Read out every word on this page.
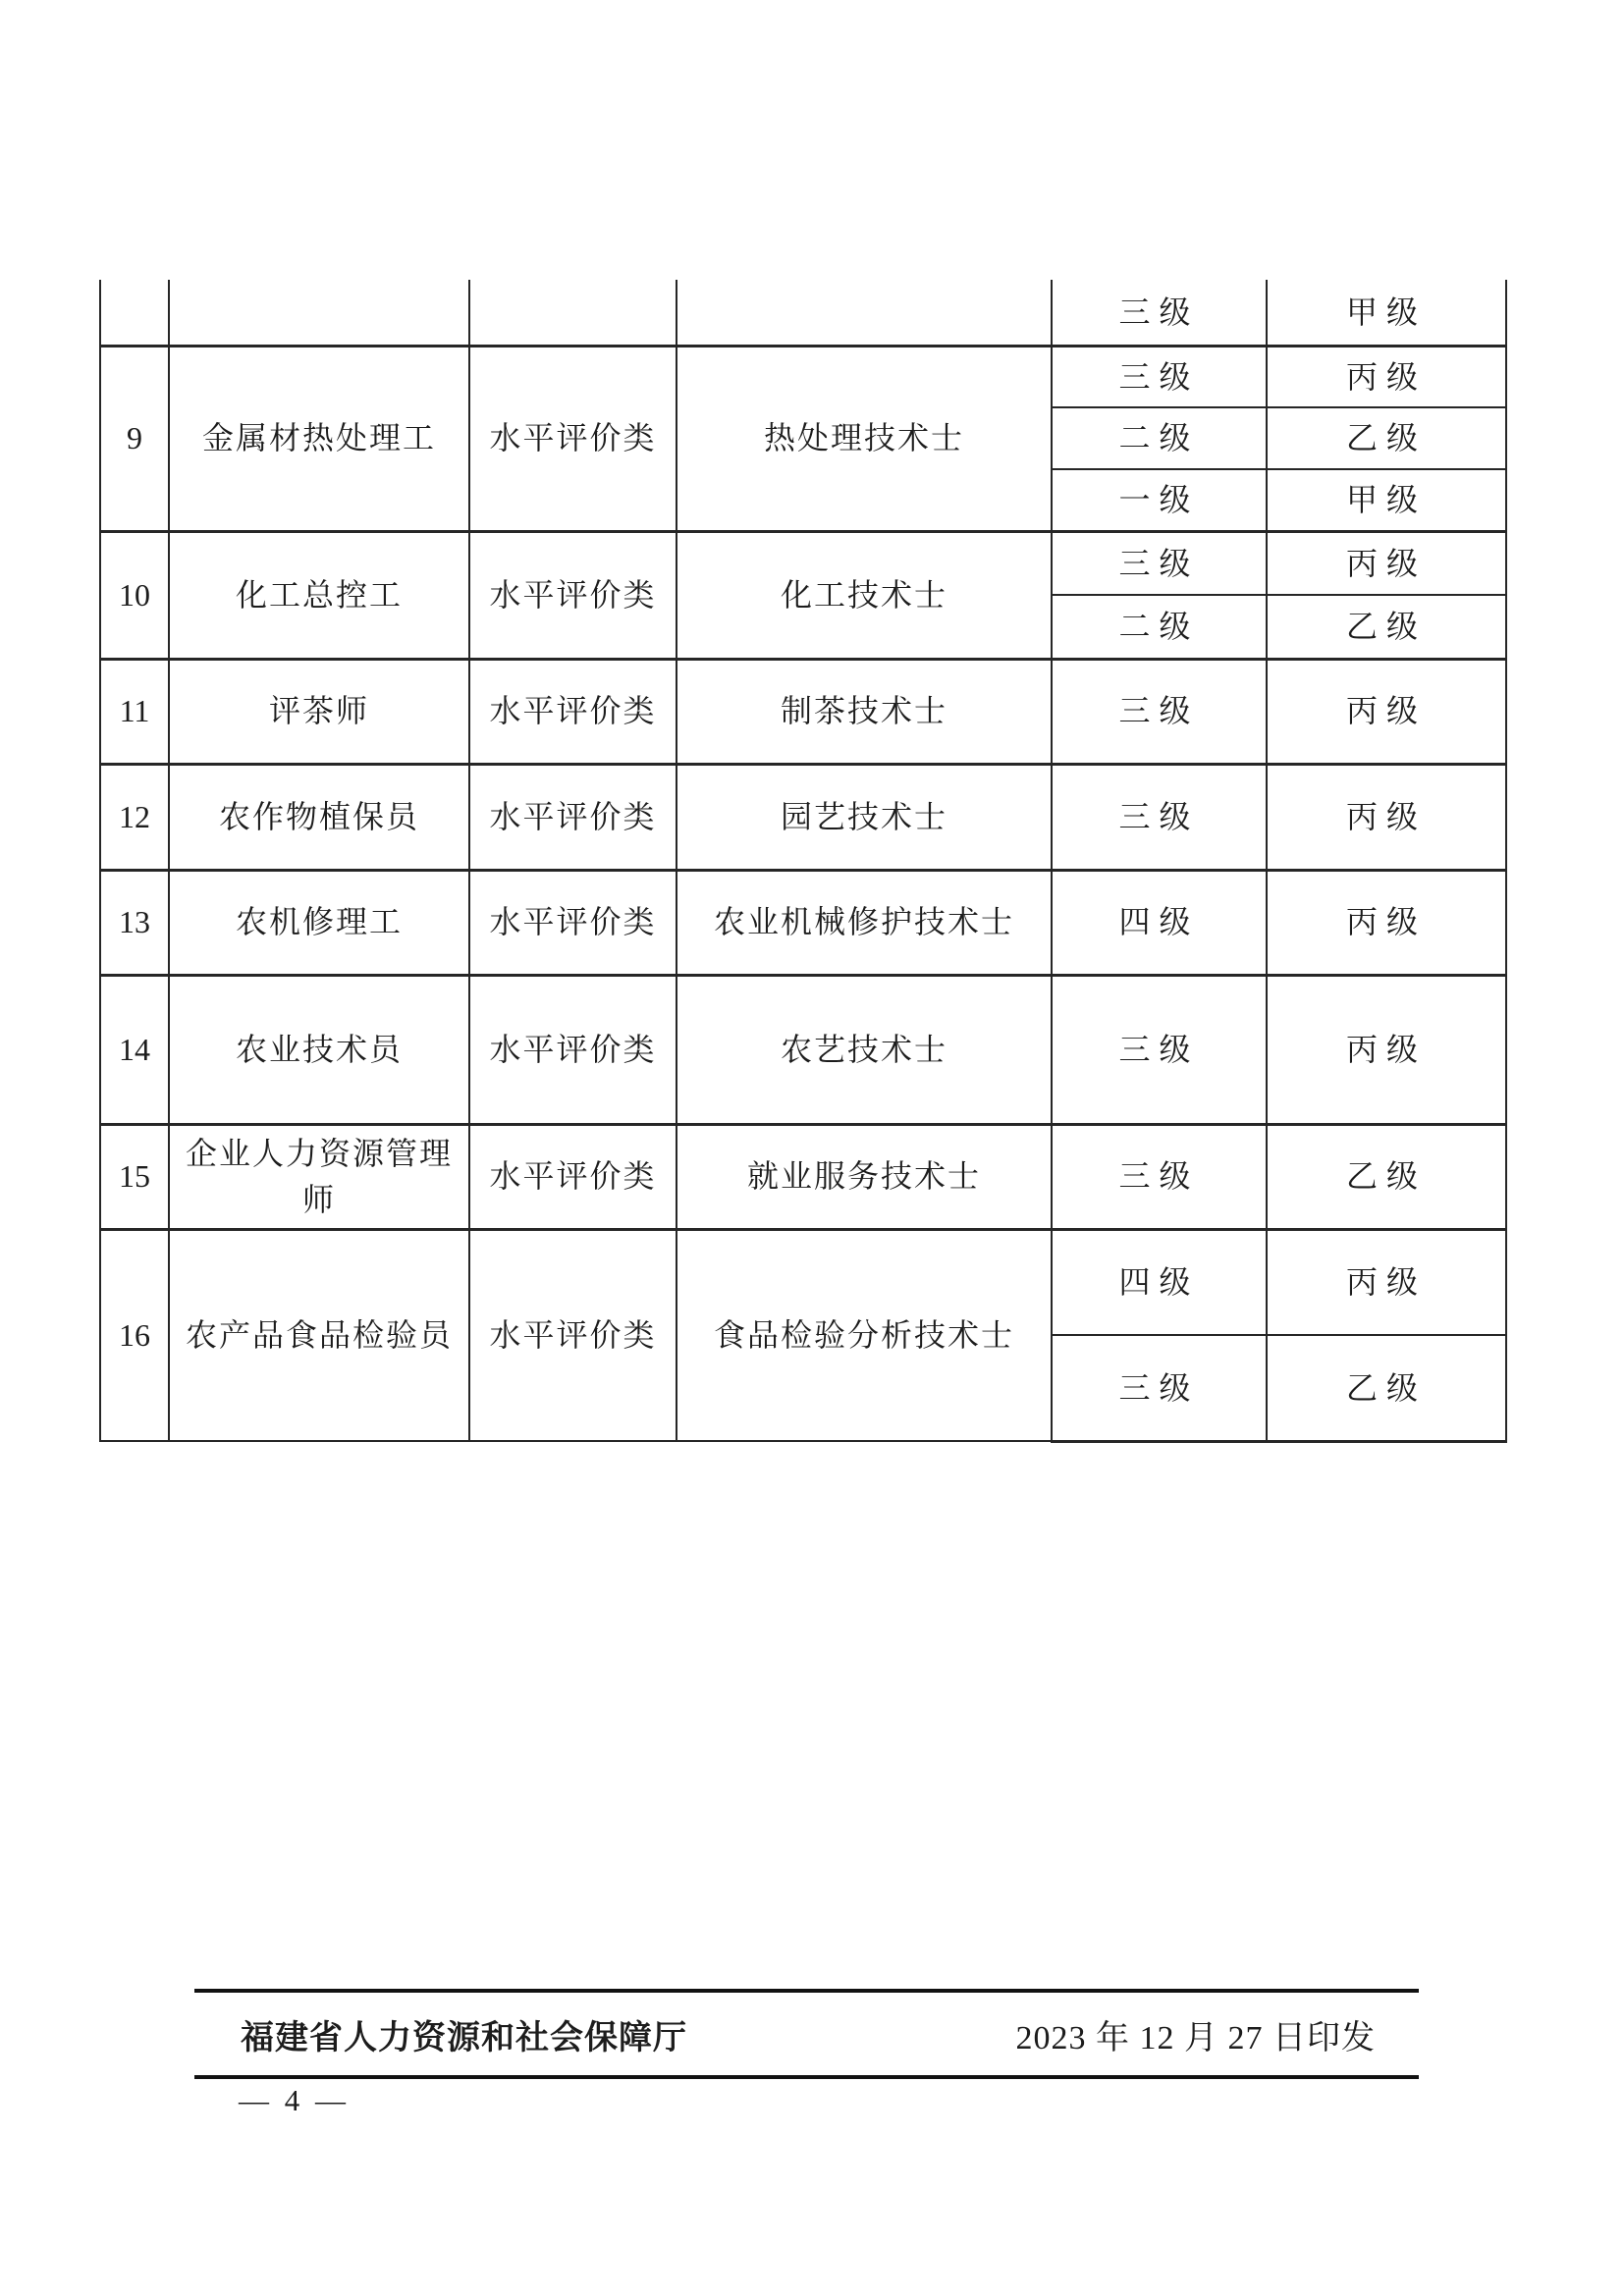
				三级	甲级
9	金属材热处理工	水平评价类	热处理技术士	三级	丙级
				二级	乙级
				一级	甲级
10	化工总控工	水平评价类	化工技术士	三级	丙级
				二级	乙级
11	评茶师	水平评价类	制茶技术士	三级	丙级
12	农作物植保员	水平评价类	园艺技术士	三级	丙级
13	农机修理工	水平评价类	农业机械修护技术士	四级	丙级
14	农业技术员	水平评价类	农艺技术士	三级	丙级
15	企业人力资源管理师	水平评价类	就业服务技术士	三级	乙级
16	农产品食品检验员	水平评价类	食品检验分析技术士	四级	丙级
				三级	乙级
福建省人力资源和社会保障厅	2023 年 12 月 27 日印发
— 4 —
